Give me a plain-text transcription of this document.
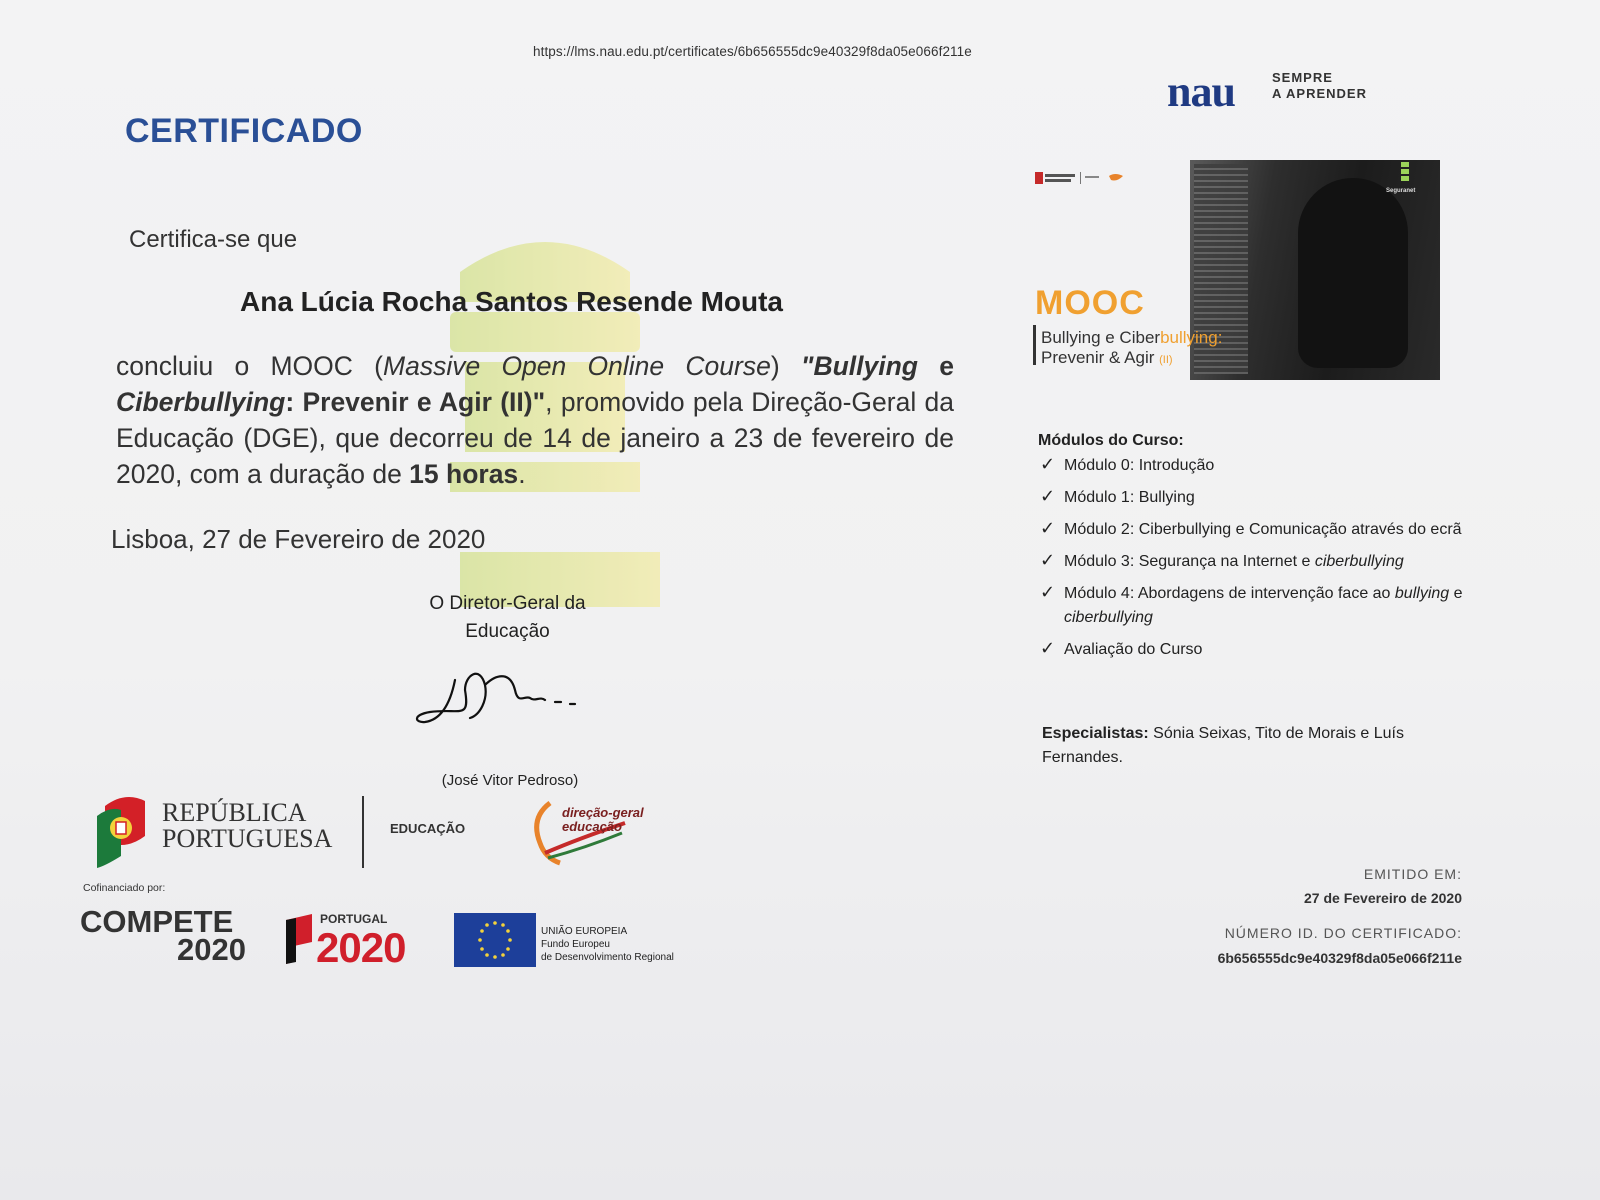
https://lms.nau.edu.pt/certificates/6b656555dc9e40329f8da05e066f211e
CERTIFICADO
Certifica-se que
Ana Lúcia Rocha Santos Resende Mouta
concluiu o MOOC (Massive Open Online Course) "Bullying e Ciberbullying: Prevenir e Agir (II)", promovido pela Direção-Geral da Educação (DGE), que decorreu de 14 de janeiro a 23 de fevereiro de 2020, com a duração de 15 horas.
Lisboa, 27 de Fevereiro de 2020
O Diretor-Geral da Educação
(José Vitor Pedroso)
REPÚBLICA
PORTUGUESA	EDUCAÇÃO
direção-geral
educação
Cofinanciado por:
COMPETE
2020
PORTUGAL
2020	UNIÃO EUROPEIA
Fundo Europeu
de Desenvolvimento Regional
nau	SEMPRE
A APRENDER
Seguranet
MOOC
Bullying e Ciberbullying:
Prevenir & Agir (II)
Módulos do Curso:
✓ Módulo 0: Introdução
✓ Módulo 1: Bullying
✓ Módulo 2: Ciberbullying e Comunicação através do ecrã
✓ Módulo 3: Segurança na Internet e ciberbullying
✓ Módulo 4: Abordagens de intervenção face ao bullying e ciberbullying
✓ Avaliação do Curso
Especialistas: Sónia Seixas, Tito de Morais e Luís Fernandes.
EMITIDO EM:
27 de Fevereiro de 2020
NÚMERO ID. DO CERTIFICADO:
6b656555dc9e40329f8da05e066f211e
